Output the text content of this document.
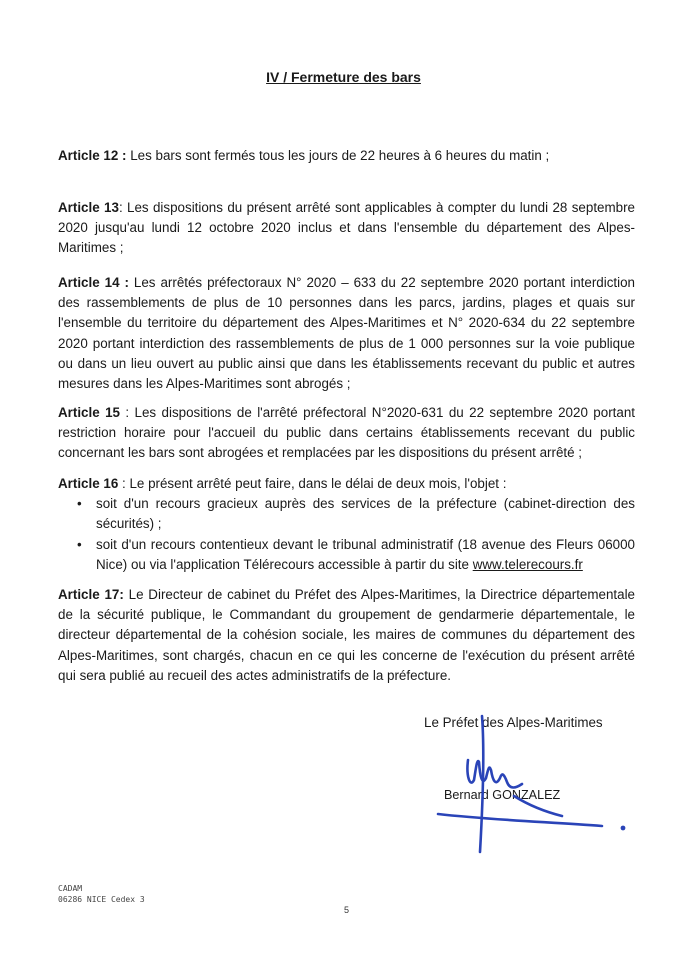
IV / Fermeture des bars
Article 12 : Les bars sont fermés tous les jours de 22 heures à 6 heures du matin ;
Article 13: Les dispositions du présent arrêté sont applicables à compter du lundi 28 septembre 2020 jusqu'au lundi 12 octobre 2020 inclus et dans l'ensemble du département des Alpes-Maritimes ;
Article 14 : Les arrêtés préfectoraux N° 2020 – 633 du 22 septembre 2020 portant interdiction des rassemblements de plus de 10 personnes dans les parcs, jardins, plages et quais sur l'ensemble du territoire du département des Alpes-Maritimes et N° 2020-634 du 22 septembre 2020 portant interdiction des rassemblements de plus de 1 000 personnes sur la voie publique ou dans un lieu ouvert au public ainsi que dans les établissements recevant du public et autres mesures dans les Alpes-Maritimes sont abrogés ;
Article 15 : Les dispositions de l'arrêté préfectoral N°2020-631 du 22 septembre 2020 portant restriction horaire pour l'accueil du public dans certains établissements recevant du public concernant les bars sont abrogées et remplacées par les dispositions du présent arrêté ;
Article 16 : Le présent arrêté peut faire, dans le délai de deux mois, l'objet :
• soit d'un recours gracieux auprès des services de la préfecture (cabinet-direction des sécurités) ;
• soit d'un recours contentieux devant le tribunal administratif (18 avenue des Fleurs 06000 Nice) ou via l'application Télérecours accessible à partir du site www.telerecours.fr
Article 17: Le Directeur de cabinet du Préfet des Alpes-Maritimes, la Directrice départementale de la sécurité publique, le Commandant du groupement de gendarmerie départementale, le directeur départemental de la cohésion sociale, les maires de communes du département des Alpes-Maritimes, sont chargés, chacun en ce qui les concerne de l'exécution du présent arrêté qui sera publié au recueil des actes administratifs de la préfecture.
Le Préfet des Alpes-Maritimes
Bernard GONZALEZ
CADAM
06286 NICE Cedex 3
5
